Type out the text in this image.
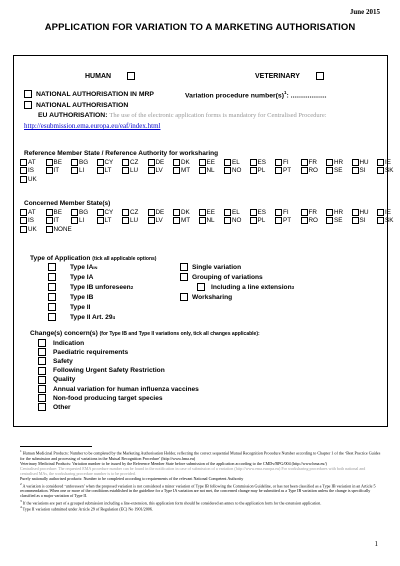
June 2015
APPLICATION FOR VARIATION TO A MARKETING AUTHORISATION
HUMAN	VETERINARY
NATIONAL AUTHORISATION IN MRP	Variation procedure $number(s)^1$: ...................
NATIONAL AUTHORISATION
EU AUTHORISATION: The use of the electronic application forms is mandatory for Centralised Procedure:
http://esubmission.ema.europa.eu/eaf/index.html
Reference Member State / Reference Authority for worksharing
AT	BE	BG	CY	CZ	DE	DK	EE	EL	ES	FI	FR	HR	HU	IE
IS	IT	LI	LT	LU	LV	MT	NL	NO	PL	PT	RO	SE	SI	SK
UK
Concerned Member State(s)
AT	BE	BG	CY	CZ	DE	DK	EE	EL	ES	FI	FR	HR	HU	IE
IS	IT	LI	LT	LU	LV	MT	NL	NO	PL	PT	RO	SE	SI	SK
UK	NONE
Type of Application (tick all applicable options)
Type IA IN
Type IA
Type IB unforeseen 2
Type IB
Type II
Type II Art. 29 4
Single variation
Grouping of variations
Including a line extension 3
Worksharing
Change(s) concern(s) (for Type IB and Type II variations only, tick all changes applicable):
Indication
Paediatric requirements
Safety
Following Urgent Safety Restriction
Quality
Annual variation for human influenza vaccines
Non-food producing target species
Other
$^1$ Human Medicinal Products: Number to be completed by the Marketing Authorisation Holder, reflecting the correct sequential Mutual Recognition Procedure Number according to Chapter 1 of the ‘Best Practice Guides for the submission and processing of variations in the Mutual Recognition Procedure’ (http://www.hma.eu)
Veterinary Medicinal Products: Variation number to be issued by the Reference Member State before submission of the application according to the CMDv/BPG/004 (http://www.hma.eu/)
Centralised procedure: The requested EMA procedure number can be found in the notification in case of submission of a variation (http://www.ema.europa.eu) For worksharing procedures with both national and centralised MAs, the worksharing procedure number is to be provided.
Purely nationally authorised products: Number to be completed according to requirements of the relevant National Competent Authority
$^2$ A variation is considered ‘unforeseen’ when the proposed variation is not considered a minor variation of Type IB following the Commission Guideline, or has not been classified as a Type IB variation in an Article 5 recommendation. When one or more of the conditions established in the guideline for a Type IA variation are not met, the concerned change may be submitted as a Type IB variation unless the change is specifically classified as a major variation of Type II.
$^3$ If the variations are part of a grouped submission including a line-extension, this application form should be considered an annex to the application form for the extension application.
$^4$ Type II variation submitted under Article 29 of Regulation (EC) No 1901/2006.
1
